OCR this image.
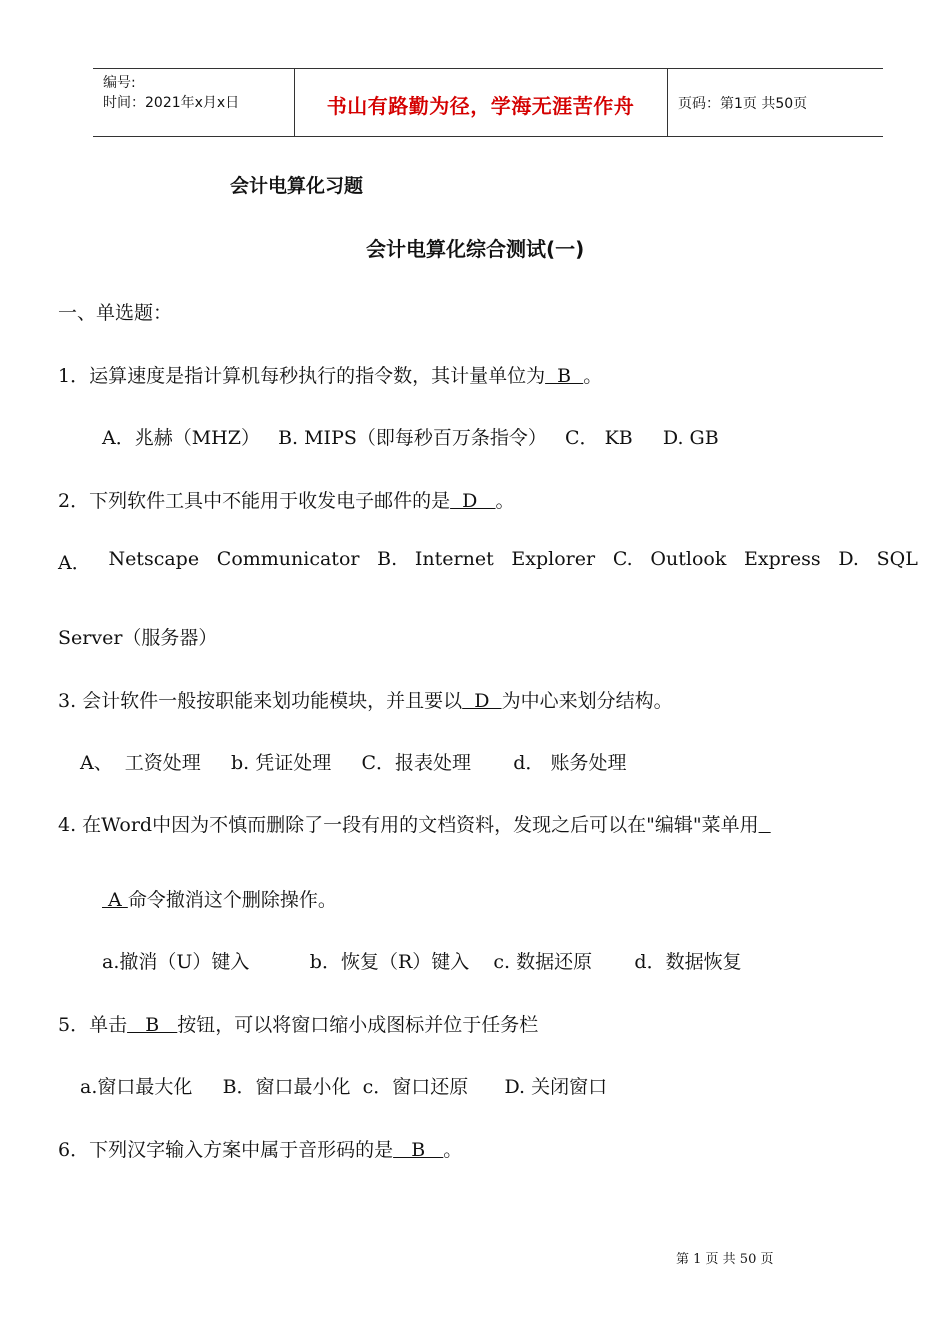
编号:
时间：2021年x月x日	书山有路勤为径，学海无涯苦作舟	页码：第1页 共50页
会计电算化习题
会计电算化综合测试(一)
一、单选题：
1．运算速度是指计算机每秒执行的指令数，其计量单位为  B  。
A．兆赫（MHZ）   B. MIPS（即每秒百万条指令）   C． KB     D. GB
2．下列软件工具中不能用于收发电子邮件的是  D   。
A． Netscape Communicator B. Internet Explorer C. Outlook Express D. SQL
Server（服务器）
3. 会计软件一般按职能来划功能模块，并且要以  D  为中心来划分结构。
A、  工资处理     b. 凭证处理     C．报表处理       d． 账务处理
4. 在Word中因为不慎而删除了一段有用的文档资料，发现之后可以在"编辑"菜单用
A 命令撤消这个删除操作。
a.撤消（U）键入          b．恢复（R）键入    c. 数据还原       d．数据恢复
5．单击   B   按钮，可以将窗口缩小成图标并位于任务栏
a.窗口最大化     B．窗口最小化  c．窗口还原      D. 关闭窗口
6．下列汉字输入方案中属于音形码的是   B   。
第 1 页 共 50 页
